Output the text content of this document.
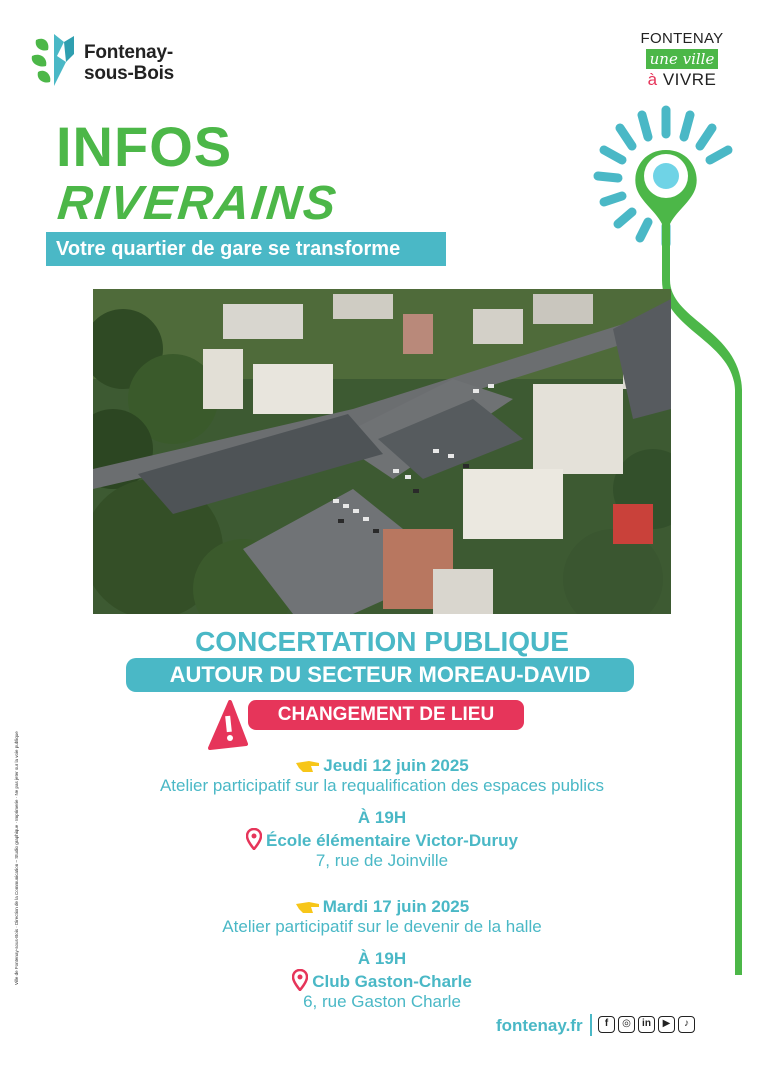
Fontenay-
sous-Bois
FONTENAY
une ville
à VIVRE
INFOS
RIVERAINS
Votre quartier de gare se transforme
CONCERTATION PUBLIQUE
AUTOUR DU SECTEUR MOREAU-DAVID
CHANGEMENT DE LIEU
Jeudi 12 juin 2025
Atelier participatif sur la requalification des espaces publics
À 19H
École élémentaire Victor-Duruy
7, rue de Joinville
Mardi 17 juin 2025
Atelier participatif sur le devenir de la halle
À 19H
Club Gaston-Charle
6, rue Gaston Charle
fontenay.fr	f	◎	in	▶	♪
Ville de Fontenay-sous-Bois · Direction de la Communication – Studio graphique · Imprimerie · Ne pas jeter sur la voie publique
